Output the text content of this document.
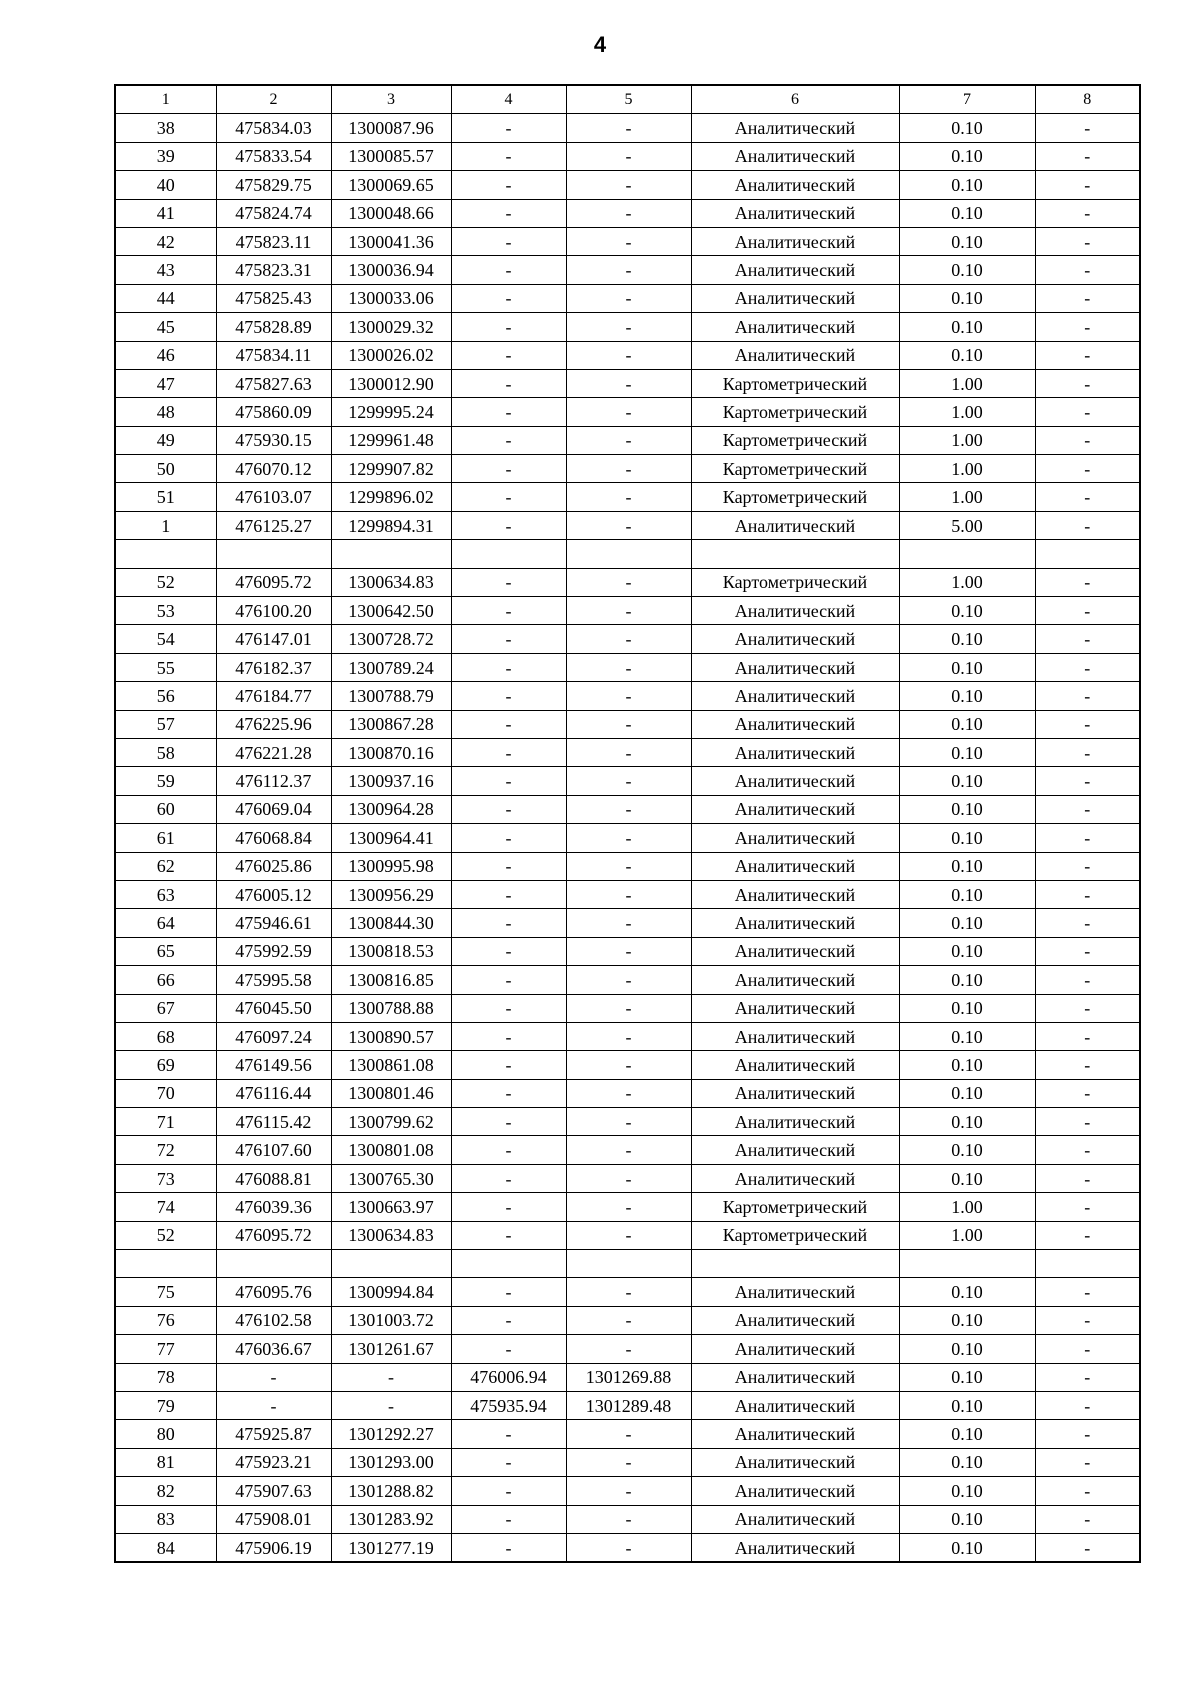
4
1	2	3	4	5	6	7	8
38	475834.03	1300087.96	-	-	Аналитический	0.10	-
39	475833.54	1300085.57	-	-	Аналитический	0.10	-
40	475829.75	1300069.65	-	-	Аналитический	0.10	-
41	475824.74	1300048.66	-	-	Аналитический	0.10	-
42	475823.11	1300041.36	-	-	Аналитический	0.10	-
43	475823.31	1300036.94	-	-	Аналитический	0.10	-
44	475825.43	1300033.06	-	-	Аналитический	0.10	-
45	475828.89	1300029.32	-	-	Аналитический	0.10	-
46	475834.11	1300026.02	-	-	Аналитический	0.10	-
47	475827.63	1300012.90	-	-	Картометрический	1.00	-
48	475860.09	1299995.24	-	-	Картометрический	1.00	-
49	475930.15	1299961.48	-	-	Картометрический	1.00	-
50	476070.12	1299907.82	-	-	Картометрический	1.00	-
51	476103.07	1299896.02	-	-	Картометрический	1.00	-
1	476125.27	1299894.31	-	-	Аналитический	5.00	-

52	476095.72	1300634.83	-	-	Картометрический	1.00	-
53	476100.20	1300642.50	-	-	Аналитический	0.10	-
54	476147.01	1300728.72	-	-	Аналитический	0.10	-
55	476182.37	1300789.24	-	-	Аналитический	0.10	-
56	476184.77	1300788.79	-	-	Аналитический	0.10	-
57	476225.96	1300867.28	-	-	Аналитический	0.10	-
58	476221.28	1300870.16	-	-	Аналитический	0.10	-
59	476112.37	1300937.16	-	-	Аналитический	0.10	-
60	476069.04	1300964.28	-	-	Аналитический	0.10	-
61	476068.84	1300964.41	-	-	Аналитический	0.10	-
62	476025.86	1300995.98	-	-	Аналитический	0.10	-
63	476005.12	1300956.29	-	-	Аналитический	0.10	-
64	475946.61	1300844.30	-	-	Аналитический	0.10	-
65	475992.59	1300818.53	-	-	Аналитический	0.10	-
66	475995.58	1300816.85	-	-	Аналитический	0.10	-
67	476045.50	1300788.88	-	-	Аналитический	0.10	-
68	476097.24	1300890.57	-	-	Аналитический	0.10	-
69	476149.56	1300861.08	-	-	Аналитический	0.10	-
70	476116.44	1300801.46	-	-	Аналитический	0.10	-
71	476115.42	1300799.62	-	-	Аналитический	0.10	-
72	476107.60	1300801.08	-	-	Аналитический	0.10	-
73	476088.81	1300765.30	-	-	Аналитический	0.10	-
74	476039.36	1300663.97	-	-	Картометрический	1.00	-
52	476095.72	1300634.83	-	-	Картометрический	1.00	-

75	476095.76	1300994.84	-	-	Аналитический	0.10	-
76	476102.58	1301003.72	-	-	Аналитический	0.10	-
77	476036.67	1301261.67	-	-	Аналитический	0.10	-
78	-	-	476006.94	1301269.88	Аналитический	0.10	-
79	-	-	475935.94	1301289.48	Аналитический	0.10	-
80	475925.87	1301292.27	-	-	Аналитический	0.10	-
81	475923.21	1301293.00	-	-	Аналитический	0.10	-
82	475907.63	1301288.82	-	-	Аналитический	0.10	-
83	475908.01	1301283.92	-	-	Аналитический	0.10	-
84	475906.19	1301277.19	-	-	Аналитический	0.10	-
